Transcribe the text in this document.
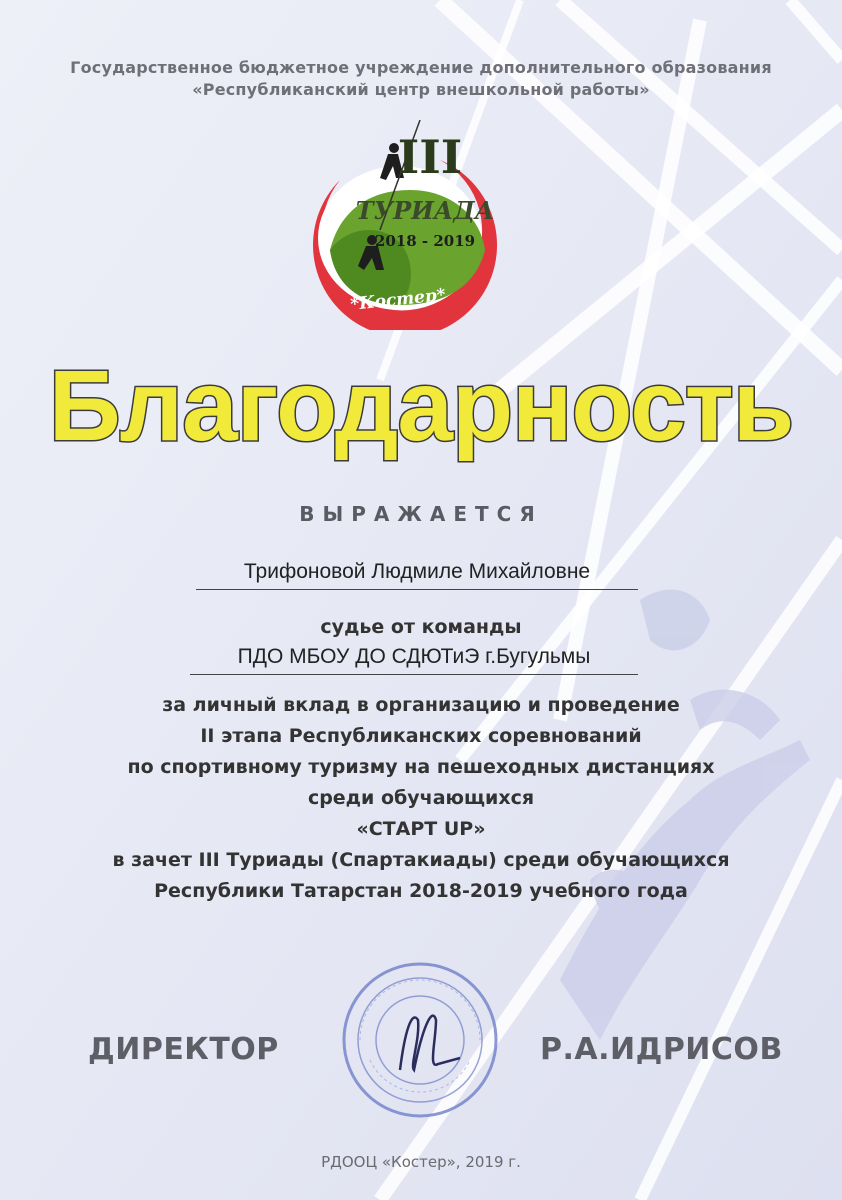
Государственное бюджетное учреждение дополнительного образования
«Республиканский центр внешкольной работы»
III
ТУРИАДА
2018 - 2019
*Костер*
Благодарность
ВЫРАЖАЕТСЯ
Трифоновой Людмиле Михайловне
судье от команды
ПДО МБОУ ДО СДЮТиЭ г.Бугульмы
за личный вклад в организацию и проведение
II этапа Республиканских соревнований
по спортивному туризму на пешеходных дистанциях
среди обучающихся
«СТАРТ UP»
в зачет III Туриады (Спартакиады) среди обучающихся
Республики Татарстан 2018-2019 учебного года
ДИРЕКТОР	Р.А.ИДРИСОВ
РДООЦ «Костер», 2019 г.
